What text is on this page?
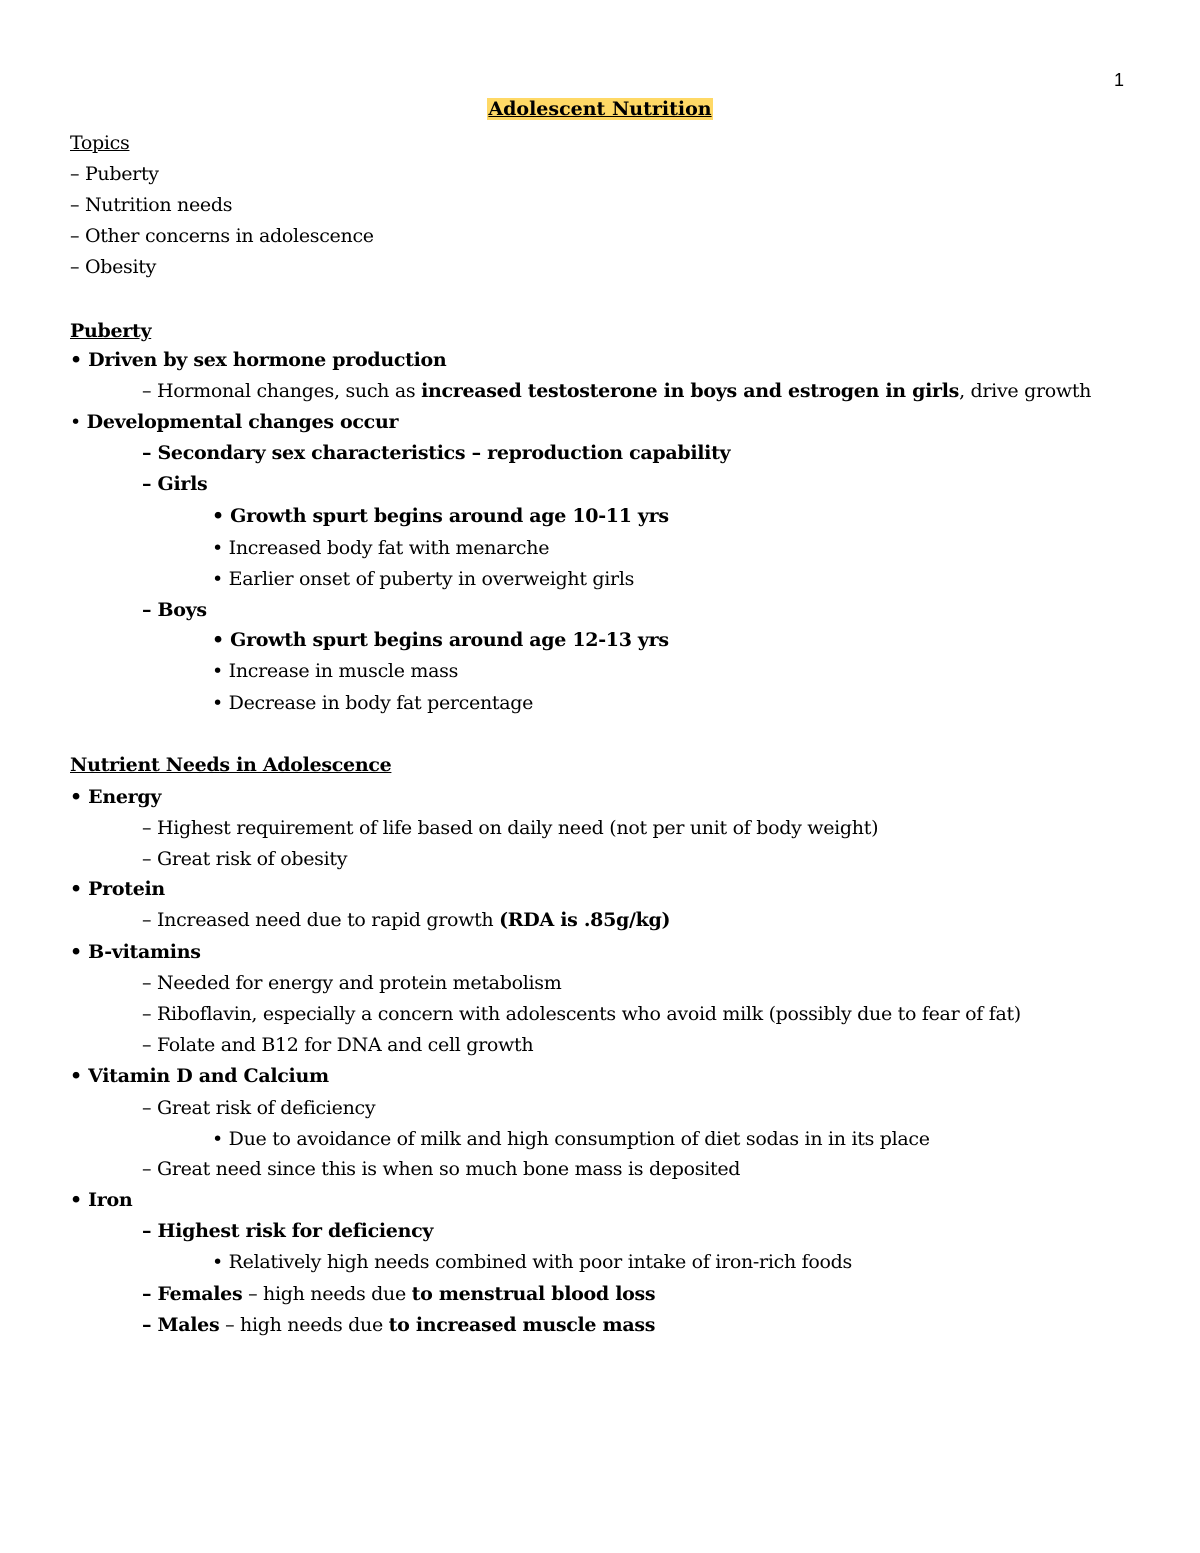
1
Adolescent Nutrition
Topics
– Puberty
– Nutrition needs
– Other concerns in adolescence
– Obesity
Puberty
• Driven by sex hormone production
– Hormonal changes, such as increased testosterone in boys and estrogen in girls, drive growth
• Developmental changes occur
– Secondary sex characteristics – reproduction capability
– Girls
• Growth spurt begins around age 10-11 yrs
• Increased body fat with menarche
• Earlier onset of puberty in overweight girls
– Boys
• Growth spurt begins around age 12-13 yrs
• Increase in muscle mass
• Decrease in body fat percentage
Nutrient Needs in Adolescence
• Energy
– Highest requirement of life based on daily need (not per unit of body weight)
– Great risk of obesity
• Protein
– Increased need due to rapid growth (RDA is .85g/kg)
• B-vitamins
– Needed for energy and protein metabolism
– Riboflavin, especially a concern with adolescents who avoid milk (possibly due to fear of fat)
– Folate and B12 for DNA and cell growth
• Vitamin D and Calcium
– Great risk of deficiency
• Due to avoidance of milk and high consumption of diet sodas in in its place
– Great need since this is when so much bone mass is deposited
• Iron
– Highest risk for deficiency
• Relatively high needs combined with poor intake of iron-rich foods
– Females – high needs due to menstrual blood loss
– Males – high needs due to increased muscle mass
